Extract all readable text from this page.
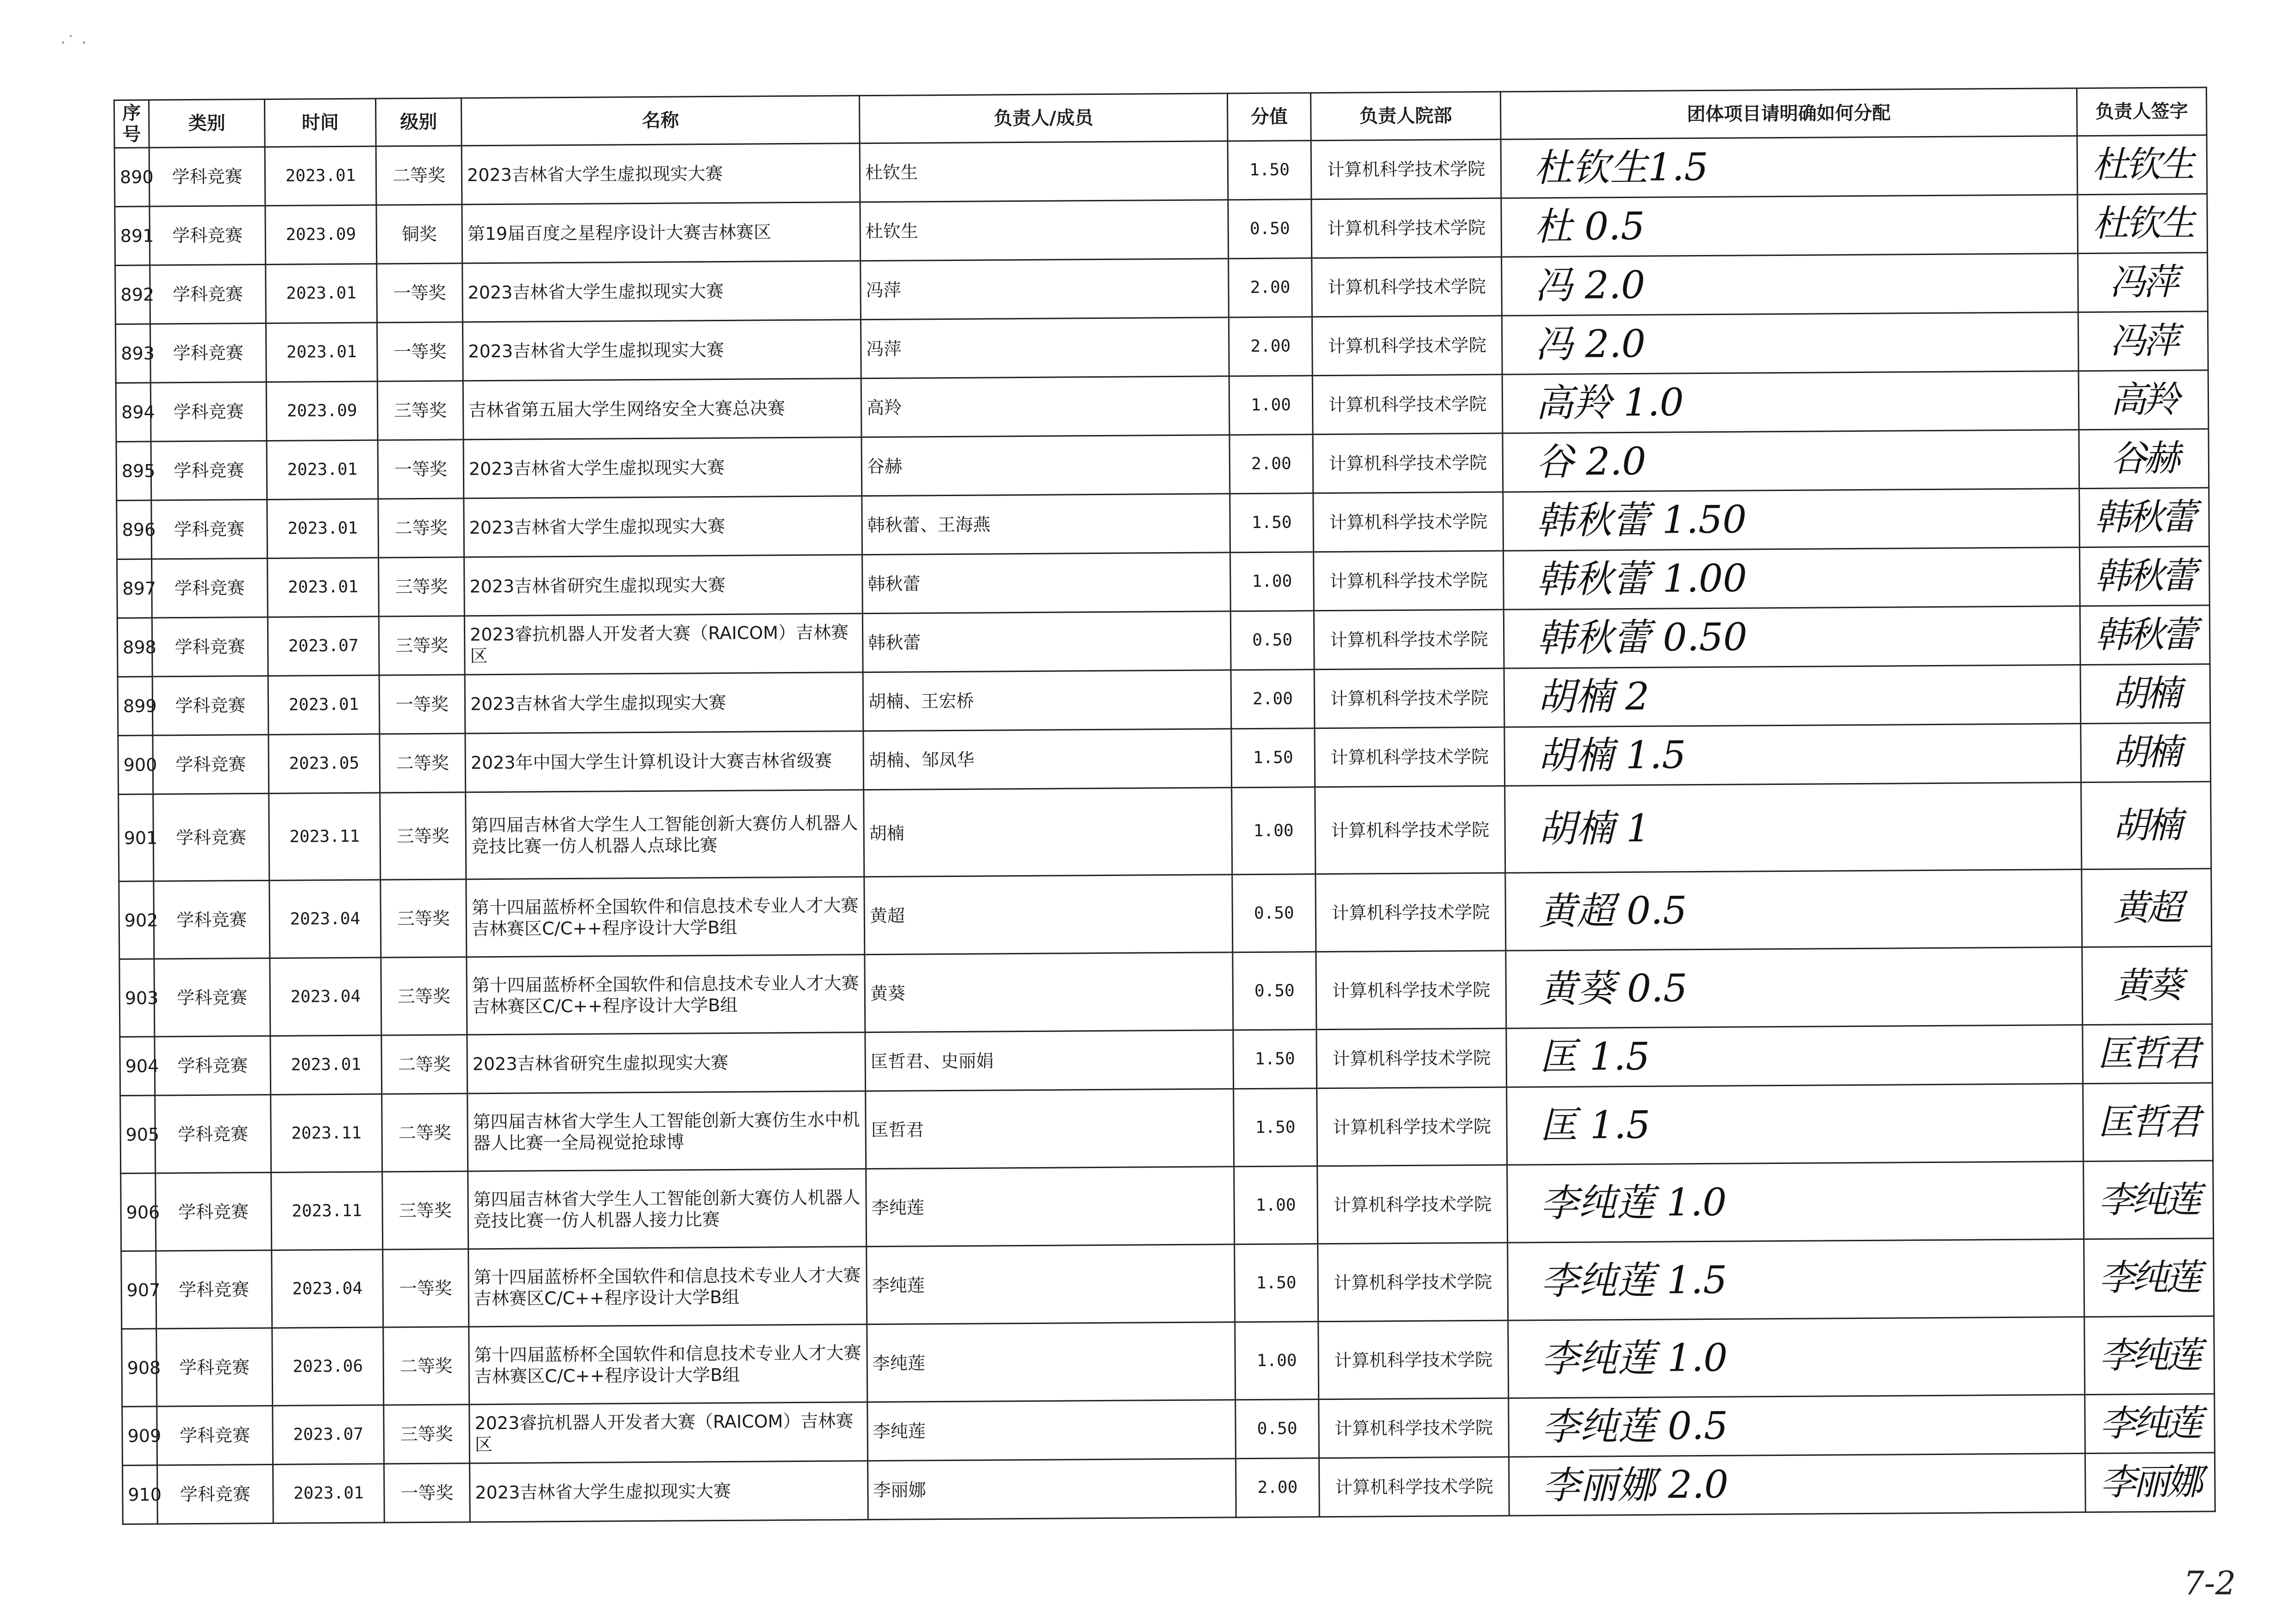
·˙ ·
序号	类别	时间	级别	名称	负责人/成员	分值	负责人院部	团体项目请明确如何分配	负责人签字
890	学科竞赛	2023.01	二等奖	2023吉林省大学生虚拟现实大赛	杜钦生	1.50	计算机科学技术学院	杜钦生1.5	杜钦生
891	学科竞赛	2023.09	铜奖	第19届百度之星程序设计大赛吉林赛区	杜钦生	0.50	计算机科学技术学院	杜 0.5	杜钦生
892	学科竞赛	2023.01	一等奖	2023吉林省大学生虚拟现实大赛	冯萍	2.00	计算机科学技术学院	冯 2.0	冯萍
893	学科竞赛	2023.01	一等奖	2023吉林省大学生虚拟现实大赛	冯萍	2.00	计算机科学技术学院	冯 2.0	冯萍
894	学科竞赛	2023.09	三等奖	吉林省第五届大学生网络安全大赛总决赛	高羚	1.00	计算机科学技术学院	高羚 1.0	高羚
895	学科竞赛	2023.01	一等奖	2023吉林省大学生虚拟现实大赛	谷赫	2.00	计算机科学技术学院	谷 2.0	谷赫
896	学科竞赛	2023.01	二等奖	2023吉林省大学生虚拟现实大赛	韩秋蕾、王海燕	1.50	计算机科学技术学院	韩秋蕾 1.50	韩秋蕾
897	学科竞赛	2023.01	三等奖	2023吉林省研究生虚拟现实大赛	韩秋蕾	1.00	计算机科学技术学院	韩秋蕾 1.00	韩秋蕾
898	学科竞赛	2023.07	三等奖	2023睿抗机器人开发者大赛（RAICOM）吉林赛区	韩秋蕾	0.50	计算机科学技术学院	韩秋蕾 0.50	韩秋蕾
899	学科竞赛	2023.01	一等奖	2023吉林省大学生虚拟现实大赛	胡楠、王宏桥	2.00	计算机科学技术学院	胡楠 2	胡楠
900	学科竞赛	2023.05	二等奖	2023年中国大学生计算机设计大赛吉林省级赛	胡楠、邹凤华	1.50	计算机科学技术学院	胡楠 1.5	胡楠
901	学科竞赛	2023.11	三等奖	第四届吉林省大学生人工智能创新大赛仿人机器人竞技比赛一仿人机器人点球比赛	胡楠	1.00	计算机科学技术学院	胡楠 1	胡楠
902	学科竞赛	2023.04	三等奖	第十四届蓝桥杯全国软件和信息技术专业人才大赛吉林赛区C/C++程序设计大学B组	黄超	0.50	计算机科学技术学院	黄超 0.5	黄超
903	学科竞赛	2023.04	三等奖	第十四届蓝桥杯全国软件和信息技术专业人才大赛吉林赛区C/C++程序设计大学B组	黄葵	0.50	计算机科学技术学院	黄葵 0.5	黄葵
904	学科竞赛	2023.01	二等奖	2023吉林省研究生虚拟现实大赛	匡哲君、史丽娟	1.50	计算机科学技术学院	匡 1.5	匡哲君
905	学科竞赛	2023.11	二等奖	第四届吉林省大学生人工智能创新大赛仿生水中机器人比赛一全局视觉抢球博	匡哲君	1.50	计算机科学技术学院	匡 1.5	匡哲君
906	学科竞赛	2023.11	三等奖	第四届吉林省大学生人工智能创新大赛仿人机器人竞技比赛一仿人机器人接力比赛	李纯莲	1.00	计算机科学技术学院	李纯莲 1.0	李纯莲
907	学科竞赛	2023.04	一等奖	第十四届蓝桥杯全国软件和信息技术专业人才大赛吉林赛区C/C++程序设计大学B组	李纯莲	1.50	计算机科学技术学院	李纯莲 1.5	李纯莲
908	学科竞赛	2023.06	二等奖	第十四届蓝桥杯全国软件和信息技术专业人才大赛吉林赛区C/C++程序设计大学B组	李纯莲	1.00	计算机科学技术学院	李纯莲 1.0	李纯莲
909	学科竞赛	2023.07	三等奖	2023睿抗机器人开发者大赛（RAICOM）吉林赛区	李纯莲	0.50	计算机科学技术学院	李纯莲 0.5	李纯莲
910	学科竞赛	2023.01	一等奖	2023吉林省大学生虚拟现实大赛	李丽娜	2.00	计算机科学技术学院	李丽娜 2.0	李丽娜
7-2
